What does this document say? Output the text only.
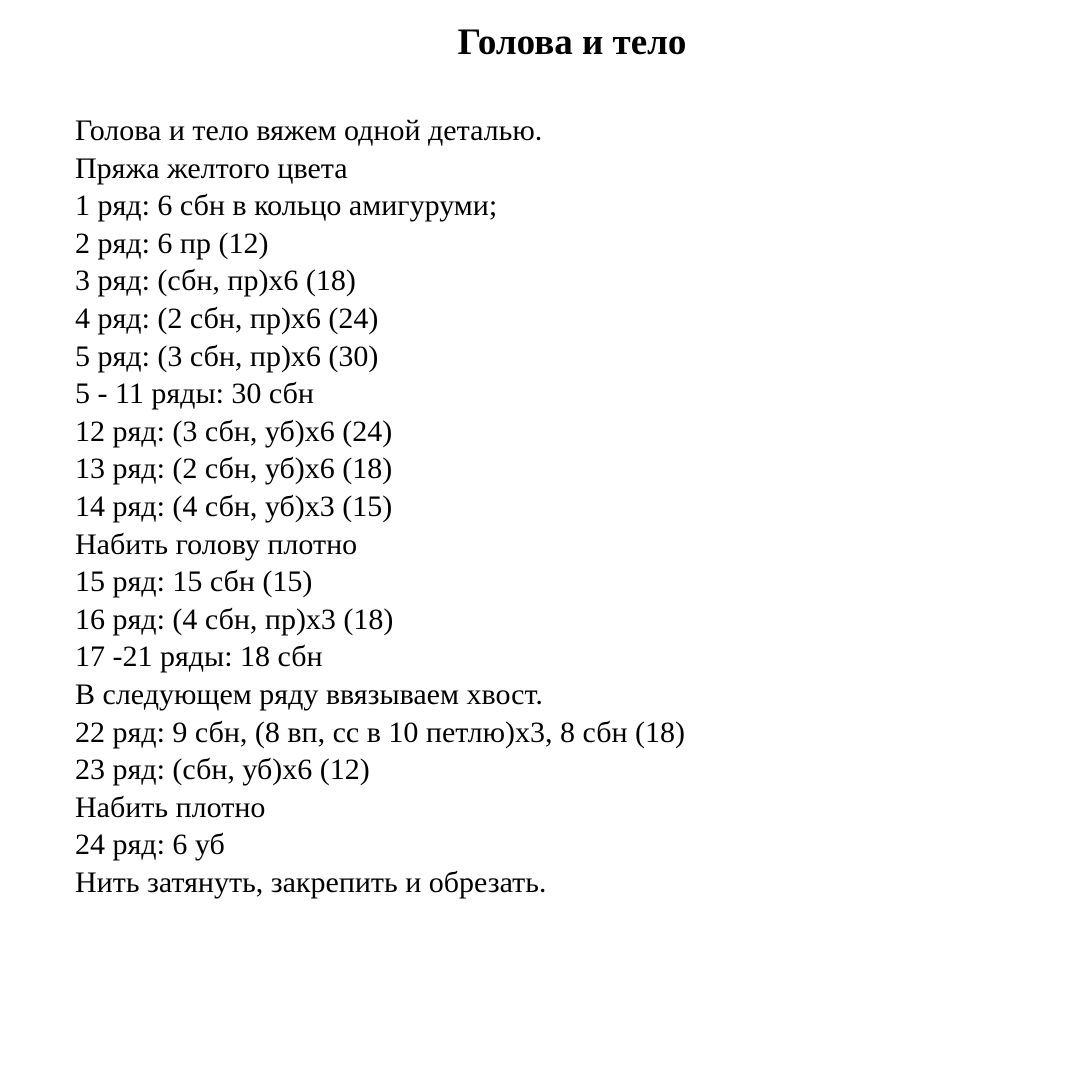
Голова и тело
Голова и тело вяжем одной деталью.
Пряжа желтого цвета
1 ряд: 6 сбн в кольцо амигуруми;
2 ряд: 6 пр (12)
3 ряд: (сбн, пр)х6 (18)
4 ряд: (2 сбн, пр)х6 (24)
5 ряд: (3 сбн, пр)х6 (30)
5 - 11 ряды: 30 сбн
12 ряд: (3 сбн, уб)х6 (24)
13 ряд: (2 сбн, уб)х6 (18)
14 ряд: (4 сбн, уб)х3 (15)
Набить голову плотно
15 ряд: 15 сбн (15)
16 ряд: (4 сбн, пр)х3 (18)
17 -21 ряды: 18 сбн
В следующем ряду ввязываем хвост.
22 ряд: 9 сбн, (8 вп, сс в 10 петлю)х3, 8 сбн (18)
23 ряд: (сбн, уб)х6 (12)
Набить плотно
24 ряд: 6 уб
Нить затянуть, закрепить и обрезать.
